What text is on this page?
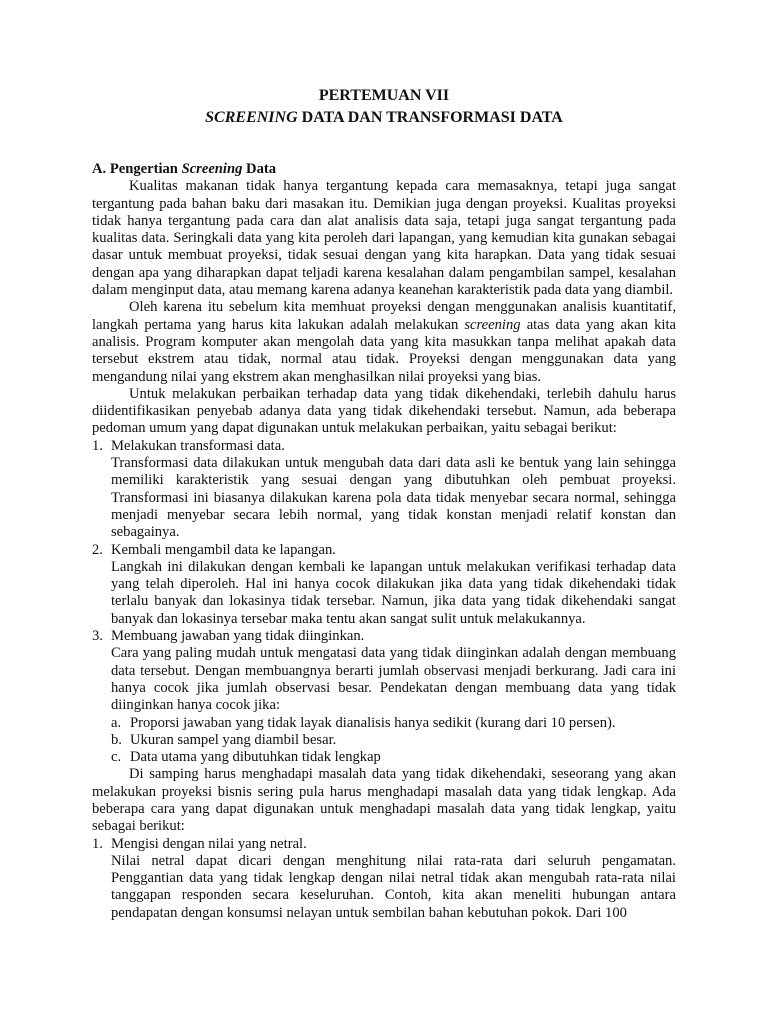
PERTEMUAN VII
SCREENING DATA DAN TRANSFORMASI DATA

A. Pengertian Screening Data

Kualitas makanan tidak hanya tergantung kepada cara memasaknya, tetapi juga sangat tergantung pada bahan baku dari masakan itu. Demikian juga dengan proyeksi. Kualitas proyeksi tidak hanya tergantung pada cara dan alat analisis data saja, tetapi juga sangat tergantung pada kualitas data. Seringkali data yang kita peroleh dari lapangan, yang kemudian kita gunakan sebagai dasar untuk membuat proyeksi, tidak sesuai dengan yang kita harapkan. Data yang tidak sesuai dengan apa yang diharapkan dapat teljadi karena kesalahan dalam pengambilan sampel, kesalahan dalam menginput data, atau memang karena adanya keanehan karakteristik pada data yang diambil.

Oleh karena itu sebelum kita memhuat proyeksi dengan menggunakan analisis kuantitatif, langkah pertama yang harus kita lakukan adalah melakukan screening atas data yang akan kita analisis. Program komputer akan mengolah data yang kita masukkan tanpa melihat apakah data tersebut ekstrem atau tidak, normal atau tidak. Proyeksi dengan menggunakan data yang mengandung nilai yang ekstrem akan menghasilkan nilai proyeksi yang bias.

Untuk melakukan perbaikan terhadap data yang tidak dikehendaki, terlebih dahulu harus diidentifikasikan penyebab adanya data yang tidak dikehendaki tersebut. Namun, ada beberapa pedoman umum yang dapat digunakan untuk melakukan perbaikan, yaitu sebagai berikut:

1. Melakukan transformasi data.

Transformasi data dilakukan untuk mengubah data dari data asli ke bentuk yang lain sehingga memiliki karakteristik yang sesuai dengan yang dibutuhkan oleh pembuat proyeksi. Transformasi ini biasanya dilakukan karena pola data tidak menyebar secara normal, sehingga menjadi menyebar secara lebih normal, yang tidak konstan menjadi relatif konstan dan sebagainya.

2. Kembali mengambil data ke lapangan.

Langkah ini dilakukan dengan kembali ke lapangan untuk melakukan verifikasi terhadap data yang telah diperoleh. Hal ini hanya cocok dilakukan jika data yang tidak dikehendaki tidak terlalu banyak dan lokasinya tidak tersebar. Namun, jika data yang tidak dikehendaki sangat banyak dan lokasinya tersebar maka tentu akan sangat sulit untuk melakukannya.

3. Membuang jawaban yang tidak diinginkan.

Cara yang paling mudah untuk mengatasi data yang tidak diinginkan adalah dengan membuang data tersebut. Dengan membuangnya berarti jumlah observasi menjadi berkurang. Jadi cara ini hanya cocok jika jumlah observasi besar. Pendekatan dengan membuang data yang tidak diinginkan hanya cocok jika:

a. Proporsi jawaban yang tidak layak dianalisis hanya sedikit (kurang dari 10 persen).
b. Ukuran sampel yang diambil besar.
c. Data utama yang dibutuhkan tidak lengkap

Di samping harus menghadapi masalah data yang tidak dikehendaki, seseorang yang akan melakukan proyeksi bisnis sering pula harus menghadapi masalah data yang tidak lengkap. Ada beberapa cara yang dapat digunakan untuk menghadapi masalah data yang tidak lengkap, yaitu sebagai berikut:

1. Mengisi dengan nilai yang netral.

Nilai netral dapat dicari dengan menghitung nilai rata-rata dari seluruh pengamatan. Penggantian data yang tidak lengkap dengan nilai netral tidak akan mengubah rata-rata nilai tanggapan responden secara keseluruhan. Contoh, kita akan meneliti hubungan antara pendapatan dengan konsumsi nelayan untuk sembilan bahan kebutuhan pokok. Dari 100
